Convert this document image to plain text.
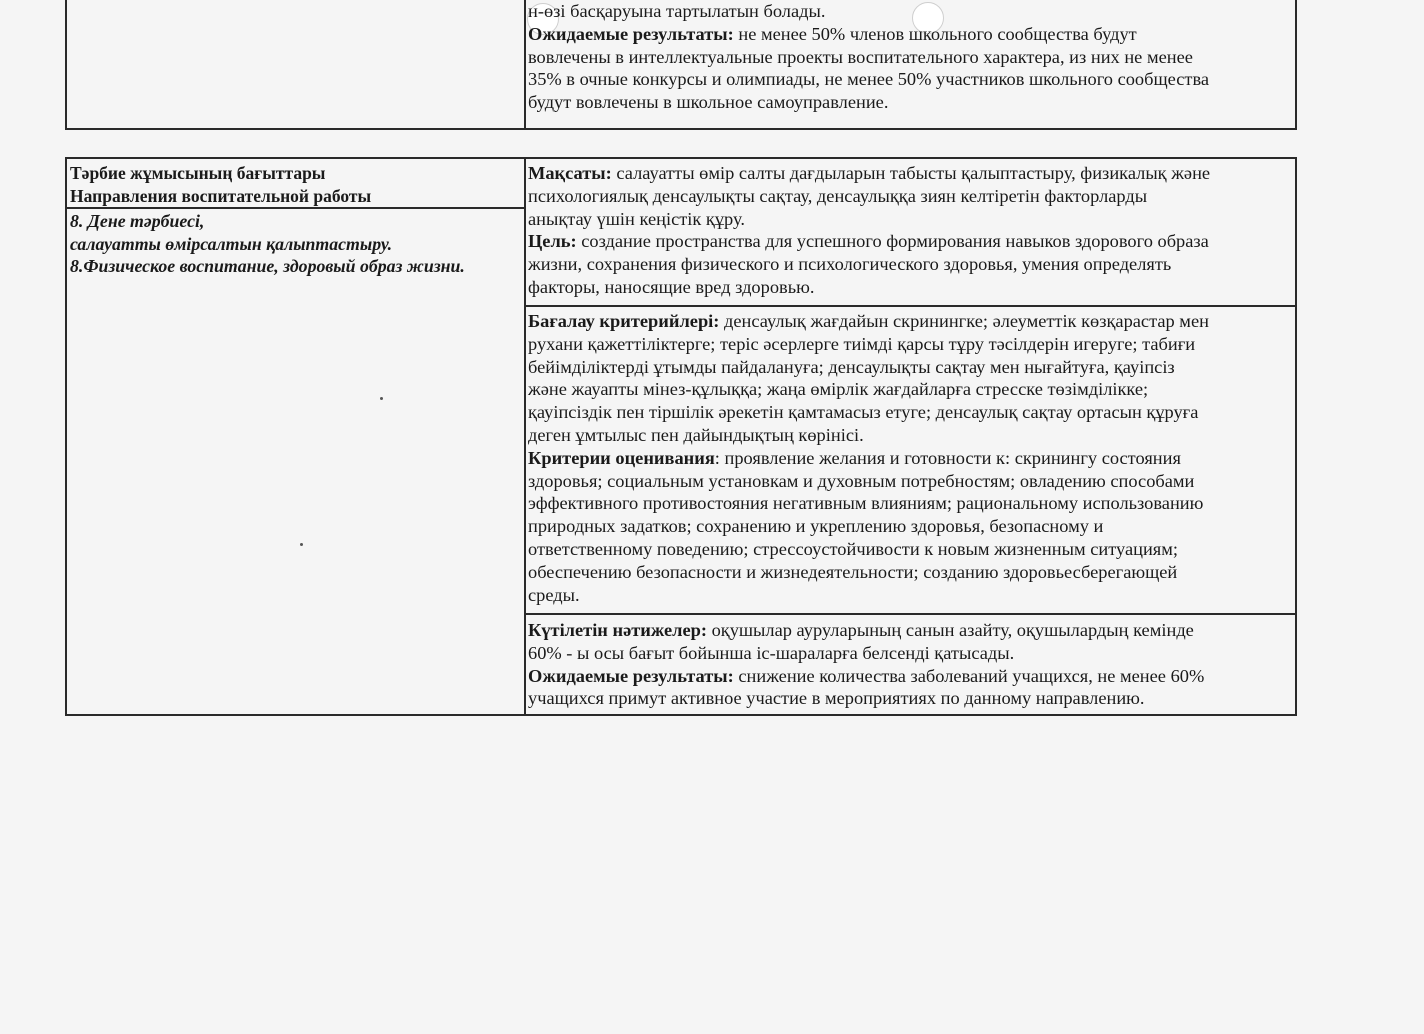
н-өзі басқаруына тартылатын болады.
Ожидаемые результаты: не менее 50% членов школьного сообщества будут
вовлечены в интеллектуальные проекты воспитательного характера, из них не менее
35% в очные конкурсы и олимпиады, не менее 50% участников школьного сообщества
будут вовлечены в школьное самоуправление.
Тәрбие жұмысының бағыттары
Направления воспитательной работы
8. Дене тәрбиесі,
салауатты өмірсалтын қалыптастыру.
8.Физическое воспитание, здоровый образ жизни.
Мақсаты: салауатты өмір салты дағдыларын табысты қалыптастыру, физикалық және
психологиялық денсаулықты сақтау, денсаулыққа зиян келтіретін факторларды
анықтау үшін кеңістік құру.
Цель: создание пространства для успешного формирования навыков здорового образа
жизни, сохранения физического и психологического здоровья, умения определять
факторы, наносящие вред здоровью.
Бағалау критерийлері: денсаулық жағдайын скринингке; әлеуметтік көзқарастар мен
рухани қажеттіліктерге; теріс әсерлерге тиімді қарсы тұру тәсілдерін игеруге; табиғи
бейімділіктерді ұтымды пайдалануға; денсаулықты сақтау мен нығайтуға, қауіпсіз
және жауапты мінез-құлыққа; жаңа өмірлік жағдайларға стресске төзімділікке;
қауіпсіздік пен тіршілік әрекетін қамтамасыз етуге; денсаулық сақтау ортасын құруға
деген ұмтылыс пен дайындықтың көрінісі.
Критерии оценивания: проявление желания и готовности к: скринингу состояния
здоровья; социальным установкам и духовным потребностям; овладению способами
эффективного противостояния негативным влияниям; рациональному использованию
природных задатков; сохранению и укреплению здоровья, безопасному и
ответственному поведению; стрессоустойчивости к новым жизненным ситуациям;
обеспечению безопасности и жизнедеятельности; созданию здоровьесберегающей
среды.
Күтілетін нәтижелер: оқушылар ауруларының санын азайту, оқушылардың кемінде
60% - ы осы бағыт бойынша іс-шараларға белсенді қатысады.
Ожидаемые результаты: снижение количества заболеваний учащихся, не менее 60%
учащихся примут активное участие в мероприятиях по данному направлению.
